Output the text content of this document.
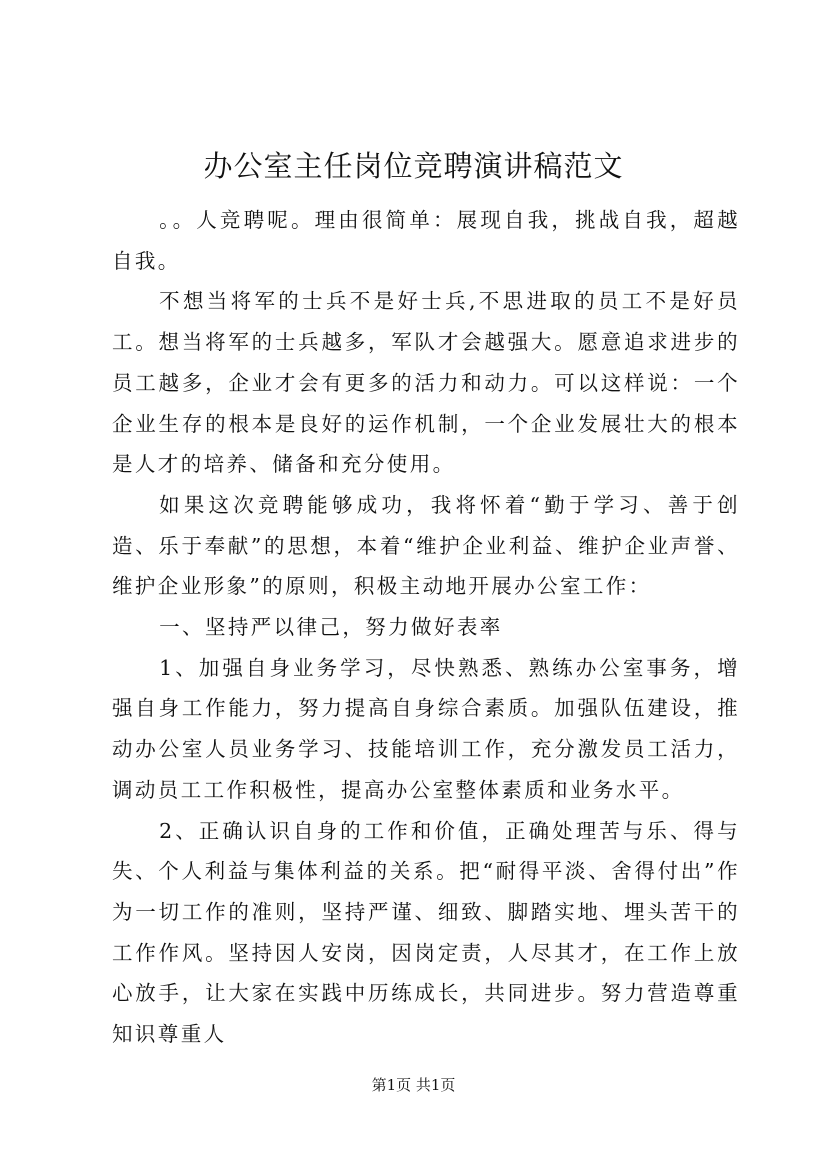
办公室主任岗位竞聘演讲稿范文

。。人竞聘呢。理由很简单：展现自我，挑战自我，超越自我。

不想当将军的士兵不是好士兵,不思进取的员工不是好员工。想当将军的士兵越多，军队才会越强大。愿意追求进步的员工越多，企业才会有更多的活力和动力。可以这样说：一个企业生存的根本是良好的运作机制，一个企业发展壮大的根本是人才的培养、储备和充分使用。

如果这次竞聘能够成功，我将怀着“勤于学习、善于创造、乐于奉献”的思想，本着“维护企业利益、维护企业声誉、维护企业形象”的原则，积极主动地开展办公室工作：

一、坚持严以律己，努力做好表率

1、加强自身业务学习，尽快熟悉、熟练办公室事务，增强自身工作能力，努力提高自身综合素质。加强队伍建设，推动办公室人员业务学习、技能培训工作，充分激发员工活力，调动员工工作积极性，提高办公室整体素质和业务水平。

2、正确认识自身的工作和价值，正确处理苦与乐、得与失、个人利益与集体利益的关系。把“耐得平淡、舍得付出”作为一切工作的准则，坚持严谨、细致、脚踏实地、埋头苦干的工作作风。坚持因人安岗，因岗定责，人尽其才，在工作上放心放手，让大家在实践中历练成长，共同进步。努力营造尊重知识尊重人

第1页 共1页
